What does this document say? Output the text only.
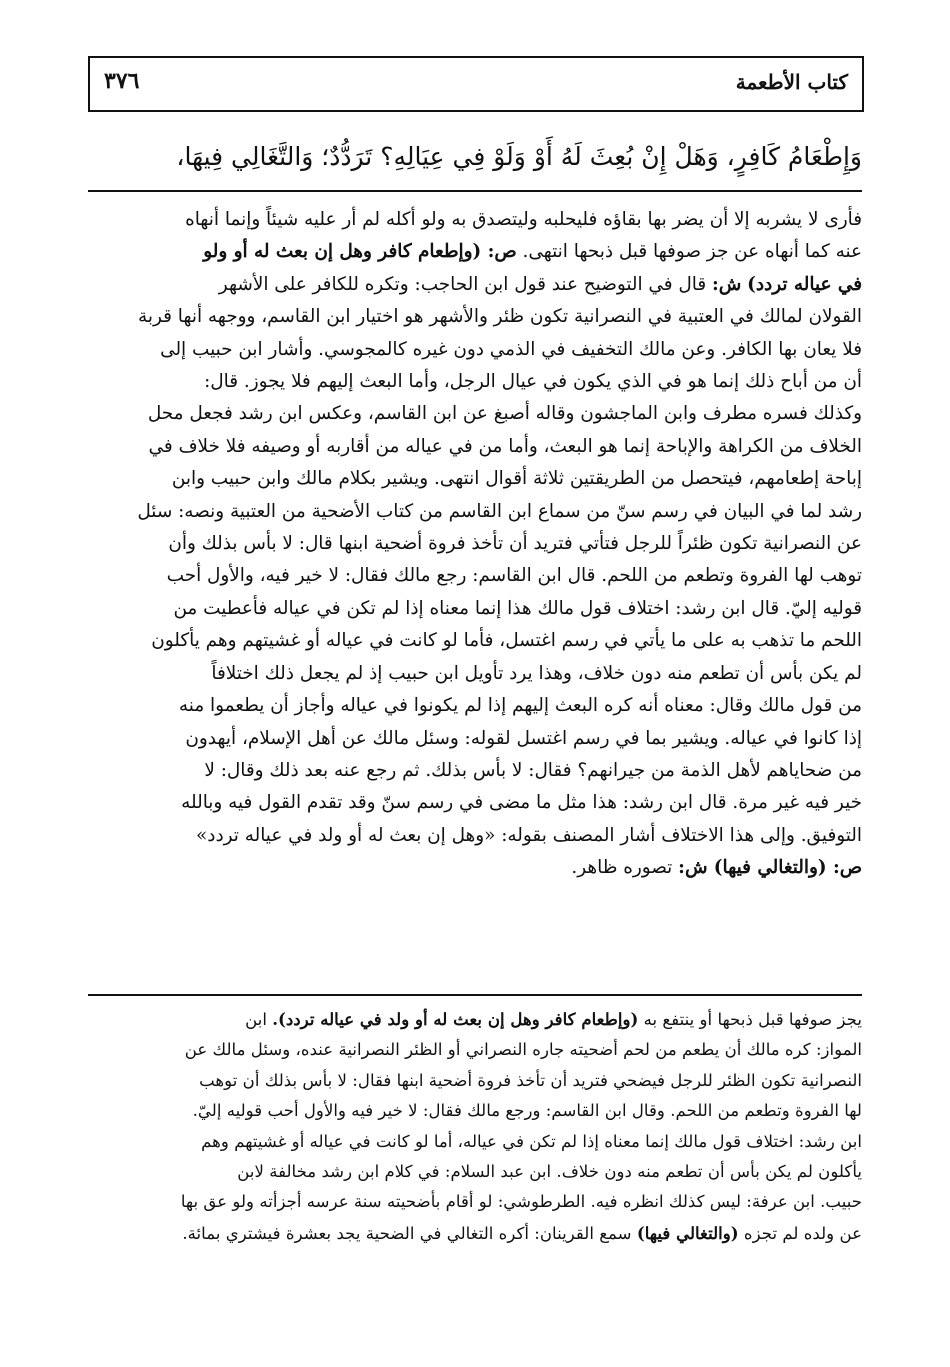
٣٧٦	كتاب الأطعمة
وَإِطْعَامُ كَافِرٍ، وَهَلْ إِنْ بُعِثَ لَهُ أَوْ وَلَوْ فِي عِيَالِهِ؟ تَرَدُّدٌ؛ وَالتَّغَالِي فِيهَا،
فأرى لا يشربه إلا أن يضر بها بقاؤه فليحلبه وليتصدق به ولو أكله لم أر عليه شيئاً وإنما أنهاه
عنه كما أنهاه عن جز صوفها قبل ذبحها انتهى. ص: (وإطعام كافر وهل إن بعث له أو ولو
في عياله تردد) ش: قال في التوضيح عند قول ابن الحاجب: وتكره للكافر على الأشهر
القولان لمالك في العتبية في النصرانية تكون ظئر والأشهر هو اختيار ابن القاسم، ووجهه أنها قربة
فلا يعان بها الكافر. وعن مالك التخفيف في الذمي دون غيره كالمجوسي. وأشار ابن حبيب إلى
أن من أباح ذلك إنما هو في الذي يكون في عيال الرجل، وأما البعث إليهم فلا يجوز. قال:
وكذلك فسره مطرف وابن الماجشون وقاله أصبغ عن ابن القاسم، وعكس ابن رشد فجعل محل
الخلاف من الكراهة والإباحة إنما هو البعث، وأما من في عياله من أقاربه أو وصيفه فلا خلاف في
إباحة إطعامهم، فيتحصل من الطريقتين ثلاثة أقوال انتهى. ويشير بكلام مالك وابن حبيب وابن
رشد لما في البيان في رسم سنّ من سماع ابن القاسم من كتاب الأضحية من العتبية ونصه: سئل
عن النصرانية تكون ظئراً للرجل فتأتي فتريد أن تأخذ فروة أضحية ابنها قال: لا بأس بذلك وأن
توهب لها الفروة وتطعم من اللحم. قال ابن القاسم: رجع مالك فقال: لا خير فيه، والأول أحب
قوليه إليّ. قال ابن رشد: اختلاف قول مالك هذا إنما معناه إذا لم تكن في عياله فأعطيت من
اللحم ما تذهب به على ما يأتي في رسم اغتسل، فأما لو كانت في عياله أو غشيتهم وهم يأكلون
لم يكن بأس أن تطعم منه دون خلاف، وهذا يرد تأويل ابن حبيب إذ لم يجعل ذلك اختلافاً
من قول مالك وقال: معناه أنه كره البعث إليهم إذا لم يكونوا في عياله وأجاز أن يطعموا منه
إذا كانوا في عياله. ويشير بما في رسم اغتسل لقوله: وسئل مالك عن أهل الإسلام، أيهدون
من ضحاياهم لأهل الذمة من جيرانهم؟ فقال: لا بأس بذلك. ثم رجع عنه بعد ذلك وقال: لا
خير فيه غير مرة. قال ابن رشد: هذا مثل ما مضى في رسم سنّ وقد تقدم القول فيه وبالله
التوفيق. وإلى هذا الاختلاف أشار المصنف بقوله: «وهل إن بعث له أو ولد في عياله تردد»
ص: (والتغالي فيها) ش: تصوره ظاهر.
يجز صوفها قبل ذبحها أو ينتفع به (وإطعام كافر وهل إن بعث له أو ولد في عياله تردد). ابن
المواز: كره مالك أن يطعم من لحم أضحيته جاره النصراني أو الظئر النصرانية عنده، وسئل مالك عن
النصرانية تكون الظئر للرجل فيضحي فتريد أن تأخذ فروة أضحية ابنها فقال: لا بأس بذلك أن توهب
لها الفروة وتطعم من اللحم. وقال ابن القاسم: ورجع مالك فقال: لا خير فيه والأول أحب قوليه إليّ.
ابن رشد: اختلاف قول مالك إنما معناه إذا لم تكن في عياله، أما لو كانت في عياله أو غشيتهم وهم
يأكلون لم يكن بأس أن تطعم منه دون خلاف. ابن عبد السلام: في كلام ابن رشد مخالفة لابن
حبيب. ابن عرفة: ليس كذلك انظره فيه. الطرطوشي: لو أقام بأضحيته سنة عرسه أجزأته ولو عق بها
عن ولده لم تجزه (والتغالي فيها) سمع القرينان: أكره التغالي في الضحية يجد بعشرة فيشتري بمائة.
